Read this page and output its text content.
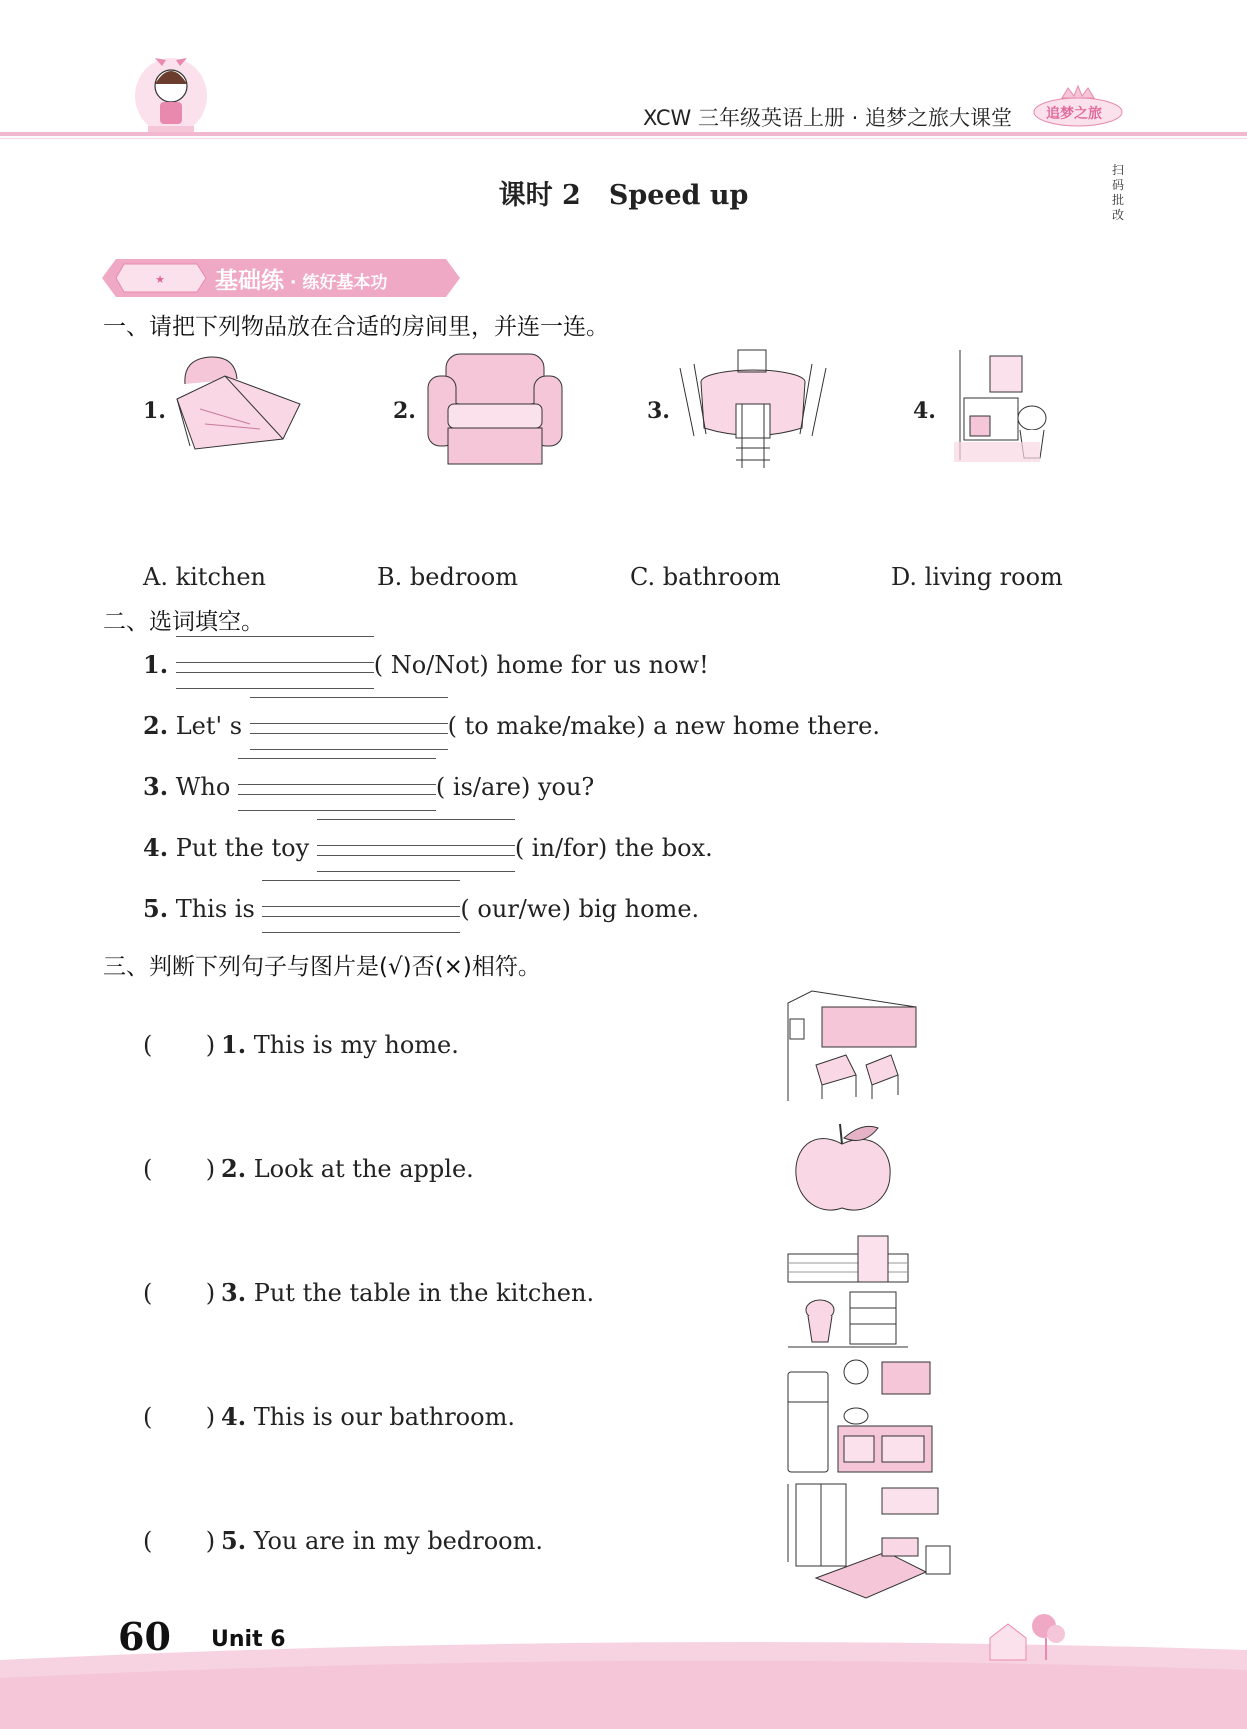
XCW 三年级英语上册 · 追梦之旅大课堂 追梦之旅
课时 2 Speed up
扫码批改
★ 基础练 · 练好基本功
一、请把下列物品放在合适的房间里，并连一连。
1.	2.	3.	4.
A. kitchen	B. bedroom	C. bathroom	D. living room
二、选词填空。
1.	( No/Not) home for us now!
2. Let' s	( to make/make) a new home there.
3. Who	( is/are) you?
4. Put the toy	( in/for) the box.
5. This is	( our/we) big home.
三、判断下列句子与图片是(√)否(×)相符。
(       ) 1. This is my home.
(       ) 2. Look at the apple.
(       ) 3. Put the table in the kitchen.
(       ) 4. This is our bathroom.
(       ) 5. You are in my bedroom.
60 Unit 6
